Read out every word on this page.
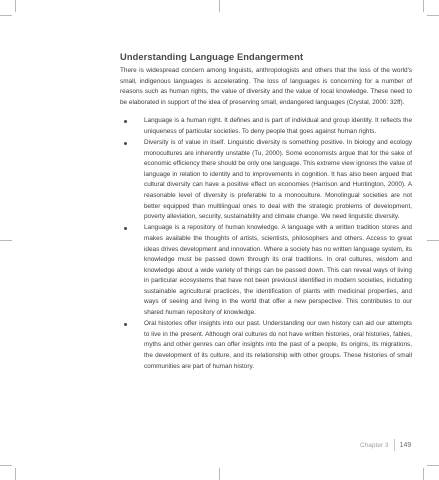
Understanding Language Endangerment

There is widespread concern among linguists, anthropologists and others that the loss of the world's small, indigenous languages is accelerating. The loss of languages is concerning for a number of reasons such as human rights, the value of diversity and the value of local knowledge. These need to be elaborated in support of the idea of preserving small, endangered languages (Crystal, 2000: 32ff).

Language is a human right. It defines and is part of individual and group identity. It reflects the uniqueness of particular societies. To deny people that goes against human rights.
Diversity is of value in itself. Linguistic diversity is something positive. In biology and ecology monocultures are inherently unstable (Tu, 2000). Some economists argue that for the sake of economic efficiency there should be only one language. This extreme view ignores the value of language in relation to identity and to improvements in cognition. It has also been argued that cultural diversity can have a positive effect on economies (Harrison and Huntington, 2000). A reasonable level of diversity is preferable to a monoculture. Monolingual societies are not better equipped than multilingual ones to deal with the strategic problems of development, poverty alleviation, security, sustainability and climate change. We need linguistic diversity.
Language is a repository of human knowledge. A language with a written tradition stores and makes available the thoughts of artists, scientists, philosophers and others. Access to great ideas drives development and innovation. Where a society has no written language system, its knowledge must be passed down through its oral traditions. In oral cultures, wisdom and knowledge about a wide variety of things can be passed down. This can reveal ways of living in particular ecosystems that have not been previousl identified in modern societies, including sustainable agricultural practices, the identification of plants with medicinal properties, and ways of seeing and living in the world that offer a new perspective. This contributes to our shared human repository of knowledge.
Oral histories offer insights into our past. Understanding our own history can aid our attempts to live in the present. Although oral cultures do not have written histories, oral histories, fables, myths and other genres can offer insights into the past of a people, its origins, its migrations, the development of its culture, and its relationship with other groups. These histories of small communities are part of human history.
Chapter 3 149
